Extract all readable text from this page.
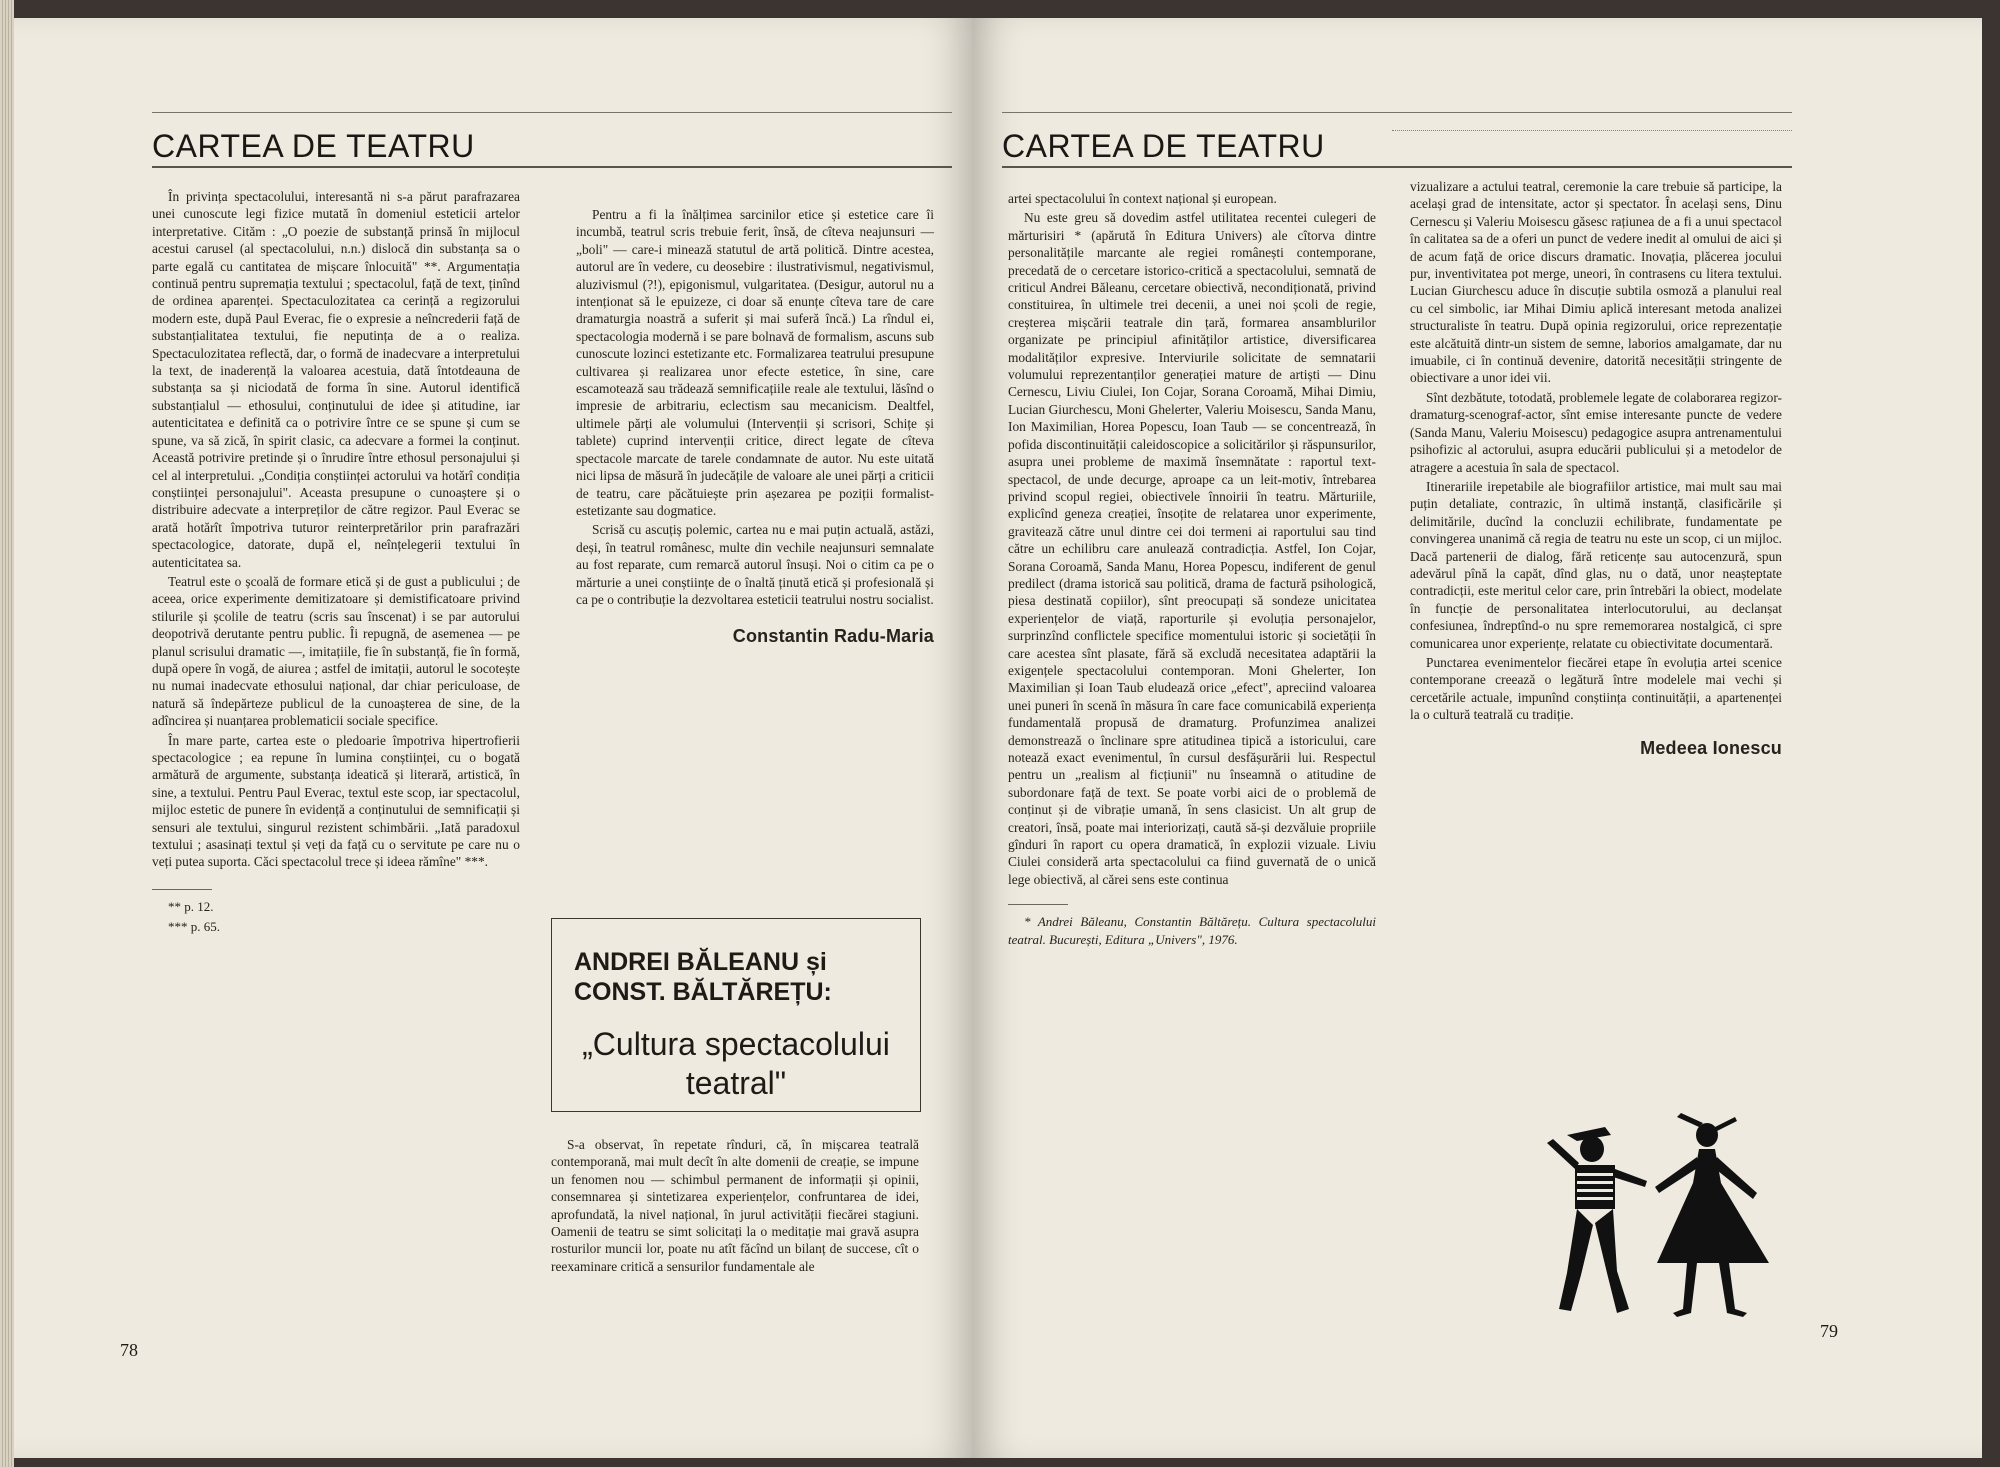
CARTEA DE TEATRU

În privința spectacolului, interesantă ni s-a părut parafrazarea unei cunoscute legi fizice mutată în domeniul esteticii artelor interpretative. Cităm : „O poezie de substanță prinsă în mijlocul acestui carusel (al spectacolului, n.n.) dislocă din substanța sa o parte egală cu cantitatea de mișcare înlocuită" **. Argumentația continuă pentru supremația textului ; spectacolul, față de text, ținînd de ordinea aparenței. Spectaculozitatea ca cerință a regizorului modern este, după Paul Everac, fie o expresie a neîncrederii față de substanțialitatea textului, fie neputința de a o realiza. Spectaculozitatea reflectă, dar, o formă de inadecvare a interpretului la text, de inaderență la valoarea acestuia, dată întotdeauna de substanța sa și niciodată de forma în sine. Autorul identifică substanțialul — ethosului, conținutului de idee și atitudine, iar autenticitatea e definită ca o potrivire între ce se spune și cum se spune, va să zică, în spirit clasic, ca adecvare a formei la conținut. Această potrivire pretinde și o înrudire între ethosul personajului și cel al interpretului. „Condiția conștiinței actorului va hotărî condiția conștiinței personajului". Aceasta presupune o cunoaștere și o distribuire adecvate a interpreților de către regizor. Paul Everac se arată hotărît împotriva tuturor reinterpretărilor prin parafrazări spectacologice, datorate, după el, neînțelegerii textului în autenticitatea sa.

Teatrul este o școală de formare etică și de gust a publicului ; de aceea, orice experimente demitizatoare și demistificatoare privind stilurile și școlile de teatru (scris sau înscenat) i se par autorului deopotrivă derutante pentru public. Îi repugnă, de asemenea — pe planul scrisului dramatic —, imitațiile, fie în substanță, fie în formă, după opere în vogă, de aiurea ; astfel de imitații, autorul le socotește nu numai inadecvate ethosului național, dar chiar periculoase, de natură să îndepărteze publicul de la cunoașterea de sine, de la adîncirea și nuanțarea problematicii sociale specifice.

În mare parte, cartea este o pledoarie împotriva hipertrofierii spectacologice ; ea repune în lumina conștiinței, cu o bogată armătură de argumente, substanța ideatică și literară, artistică, în sine, a textului. Pentru Paul Everac, textul este scop, iar spectacolul, mijloc estetic de punere în evidență a conținutului de semnificații și sensuri ale textului, singurul rezistent schimbării. „Iată paradoxul textului ; asasinați textul și veți da față cu o servitute pe care nu o veți putea suporta. Căci spectacolul trece și ideea rămîne" ***.

** p. 12.

*** p. 65.

Pentru a fi la înălțimea sarcinilor etice și estetice care îi incumbă, teatrul scris trebuie ferit, însă, de cîteva neajunsuri — „boli" — care-i minează statutul de artă politică. Dintre acestea, autorul are în vedere, cu deosebire : ilustrativismul, negativismul, aluzivismul (?!), epigonismul, vulgaritatea. (Desigur, autorul nu a intenționat să le epuizeze, ci doar să enunțe cîteva tare de care dramaturgia noastră a suferit și mai suferă încă.) La rîndul ei, spectacologia modernă i se pare bolnavă de formalism, ascuns sub cunoscute lozinci estetizante etc. Formalizarea teatrului presupune cultivarea și realizarea unor efecte estetice, în sine, care escamotează sau trădează semnificațiile reale ale textului, lăsînd o impresie de arbitrariu, eclectism sau mecanicism. Dealtfel, ultimele părți ale volumului (Intervenții și scrisori, Schițe și tablete) cuprind intervenții critice, direct legate de cîteva spectacole marcate de tarele condamnate de autor. Nu este uitată nici lipsa de măsură în judecățile de valoare ale unei părți a criticii de teatru, care păcătuiește prin așezarea pe poziții formalist-estetizante sau dogmatice.

Scrisă cu ascuțiș polemic, cartea nu e mai puțin actuală, astăzi, deși, în teatrul românesc, multe din vechile neajunsuri semnalate au fost reparate, cum remarcă autorul însuși. Noi o citim ca pe o mărturie a unei conștiințe de o înaltă ținută etică și profesională și ca pe o contribuție la dezvoltarea esteticii teatrului nostru socialist.

Constantin Radu-Maria
ANDREI BĂLEANU și
CONST. BĂLTĂREȚU:
„Cultura spectacolului
teatral"

S-a observat, în repetate rînduri, că, în mișcarea teatrală contemporană, mai mult decît în alte domenii de creație, se impune un fenomen nou — schimbul permanent de informații și opinii, consemnarea și sintetizarea experiențelor, confruntarea de idei, aprofundată, la nivel național, în jurul activității fiecărei stagiuni. Oamenii de teatru se simt solicitați la o meditație mai gravă asupra rosturilor muncii lor, poate nu atît făcînd un bilanț de succese, cît o reexaminare critică a sensurilor fundamentale ale

78
CARTEA DE TEATRU

artei spectacolului în context național și european.

Nu este greu să dovedim astfel utilitatea recentei culegeri de mărturisiri * (apărută în Editura Univers) ale cîtorva dintre personalitățile marcante ale regiei românești contemporane, precedată de o cercetare istorico-critică a spectacolului, semnată de criticul Andrei Băleanu, cercetare obiectivă, necondiționată, privind constituirea, în ultimele trei decenii, a unei noi școli de regie, creșterea mișcării teatrale din țară, formarea ansamblurilor organizate pe principiul afinităților artistice, diversificarea modalităților expresive. Interviurile solicitate de semnatarii volumului reprezentanților generației mature de artiști — Dinu Cernescu, Liviu Ciulei, Ion Cojar, Sorana Coroamă, Mihai Dimiu, Lucian Giurchescu, Moni Ghelerter, Valeriu Moisescu, Sanda Manu, Ion Maximilian, Horea Popescu, Ioan Taub — se concentrează, în pofida discontinuității caleidoscopice a solicitărilor și răspunsurilor, asupra unei probleme de maximă însemnătate : raportul text-spectacol, de unde decurge, aproape ca un leit-motiv, întrebarea privind scopul regiei, obiectivele înnoirii în teatru. Mărturiile, explicînd geneza creației, însoțite de relatarea unor experimente, gravitează către unul dintre cei doi termeni ai raportului sau tind către un echilibru care anulează contradicția. Astfel, Ion Cojar, Sorana Coroamă, Sanda Manu, Horea Popescu, indiferent de genul predilect (drama istorică sau politică, drama de factură psihologică, piesa destinată copiilor), sînt preocupați să sondeze unicitatea experiențelor de viață, raporturile și evoluția personajelor, surprinzînd conflictele specifice momentului istoric și societății în care acestea sînt plasate, fără să excludă necesitatea adaptării la exigențele spectacolului contemporan. Moni Ghelerter, Ion Maximilian și Ioan Taub eludează orice „efect", apreciind valoarea unei puneri în scenă în măsura în care face comunicabilă experiența fundamentală propusă de dramaturg. Profunzimea analizei demonstrează o înclinare spre atitudinea tipică a istoricului, care notează exact evenimentul, în cursul desfășurării lui. Respectul pentru un „realism al ficțiunii" nu înseamnă o atitudine de subordonare față de text. Se poate vorbi aici de o problemă de conținut și de vibrație umană, în sens clasicist. Un alt grup de creatori, însă, poate mai interiorizați, caută să-și dezvăluie propriile gînduri în raport cu opera dramatică, în explozii vizuale. Liviu Ciulei consideră arta spectacolului ca fiind guvernată de o unică lege obiectivă, al cărei sens este continua

* Andrei Băleanu, Constantin Băltărețu. Cultura spectacolului teatral. București, Editura „Univers", 1976.

vizualizare a actului teatral, ceremonie la care trebuie să participe, la același grad de intensitate, actor și spectator. În același sens, Dinu Cernescu și Valeriu Moisescu găsesc rațiunea de a fi a unui spectacol în calitatea sa de a oferi un punct de vedere inedit al omului de aici și de acum față de orice discurs dramatic. Inovația, plăcerea jocului pur, inventivitatea pot merge, uneori, în contrasens cu litera textului. Lucian Giurchescu aduce în discuție subtila osmoză a planului real cu cel simbolic, iar Mihai Dimiu aplică interesant metoda analizei structuraliste în teatru. După opinia regizorului, orice reprezentație este alcătuită dintr-un sistem de semne, laborios amalgamate, dar nu imuabile, ci în continuă devenire, datorită necesității stringente de obiectivare a unor idei vii.

Sînt dezbătute, totodată, problemele legate de colaborarea regizor-dramaturg-scenograf-actor, sînt emise interesante puncte de vedere (Sanda Manu, Valeriu Moisescu) pedagogice asupra antrenamentului psihofizic al actorului, asupra educării publicului și a metodelor de atragere a acestuia în sala de spectacol.

Itinerariile irepetabile ale biografiilor artistice, mai mult sau mai puțin detaliate, contrazic, în ultimă instanță, clasificările și delimitările, ducînd la concluzii echilibrate, fundamentate pe convingerea unanimă că regia de teatru nu este un scop, ci un mijloc. Dacă partenerii de dialog, fără reticențe sau autocenzură, spun adevărul pînă la capăt, dînd glas, nu o dată, unor neașteptate contradicții, este meritul celor care, prin întrebări la obiect, modelate în funcție de personalitatea interlocutorului, au declanșat confesiunea, îndreptînd-o nu spre rememorarea nostalgică, ci spre comunicarea unor experiențe, relatate cu obiectivitate documentară.

Punctarea evenimentelor fiecărei etape în evoluția artei scenice contemporane creează o legătură între modelele mai vechi și cercetările actuale, impunînd conștiința continuității, a apartenenței la o cultură teatrală cu tradiție.

Medeea Ionescu
79
